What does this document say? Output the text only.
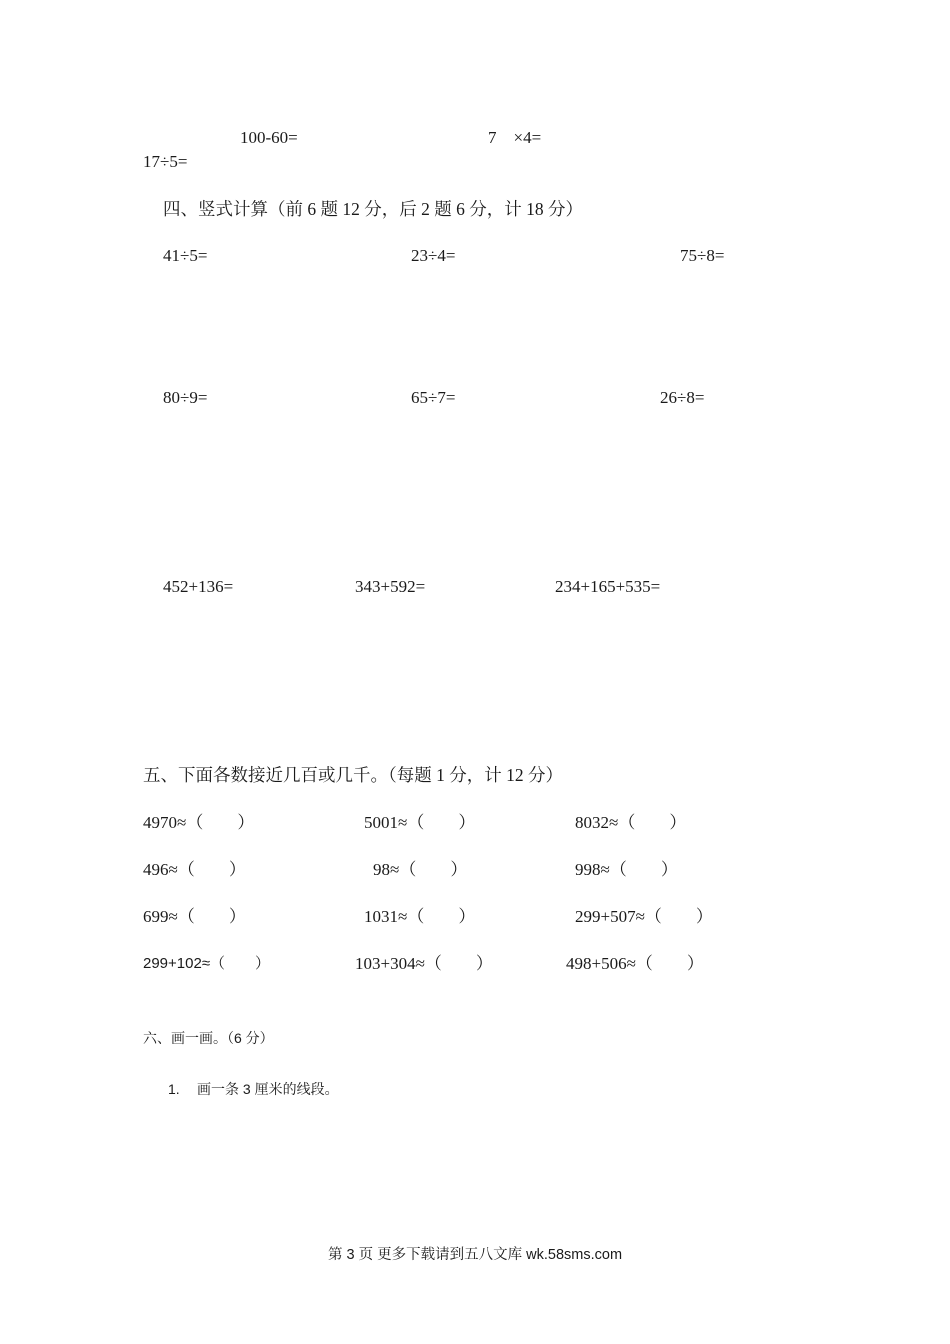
100-60=	7　×4=
17÷5=
四、竖式计算（前 6 题 12 分，后 2 题 6 分，计 18 分）
41÷5=	23÷4=	75÷8=
80÷9=	65÷7=	26÷8=
452+136=	343+592=	234+165+535=
五、下面各数接近几百或几千。（每题 1 分，计 12 分）
4970≈（　　）	5001≈（　　）	8032≈（　　）
496≈（　　）	98≈（　　）	998≈（　　）
699≈（　　）	1031≈（　　）	299+507≈（　　）
299+102≈（　　）	103+304≈（　　）	498+506≈（　　）
六、画一画。（6 分）
1. 画一条 3 厘米的线段。
第 3 页 更多下载请到五八文库 wk.58sms.com
